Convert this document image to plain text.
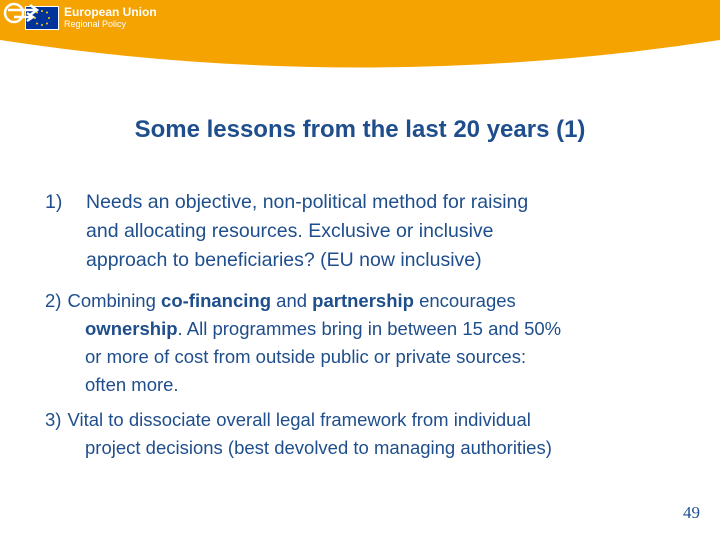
European Union
Regional Policy
Some lessons from the last 20 years (1)
1) Needs an objective, non-political method for raising
and allocating resources. Exclusive or inclusive
approach to beneficiaries? (EU now inclusive)
2) Combining co-financing and partnership encourages
ownership. All programmes bring in between 15 and 50%
or more of cost from outside public or private sources:
often more.
3) Vital to dissociate overall legal framework from individual
project decisions (best devolved to managing authorities)
49
